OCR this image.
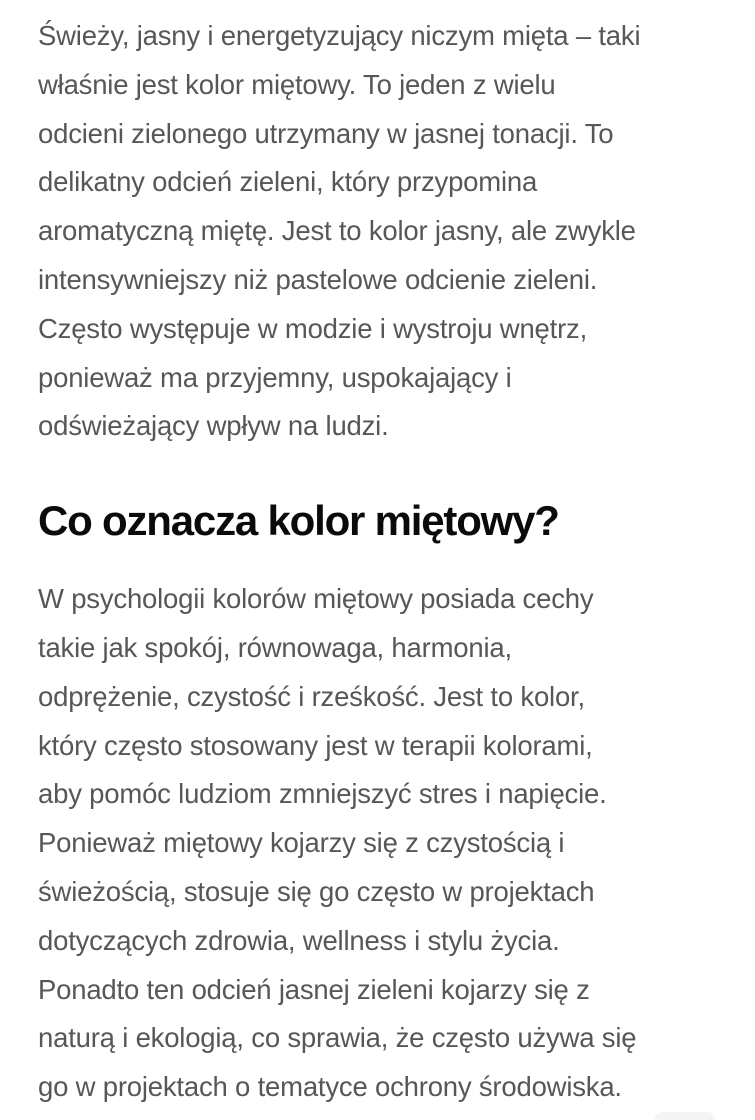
Świeży, jasny i energetyzujący niczym mięta – taki
właśnie jest kolor miętowy. To jeden z wielu
odcieni zielonego utrzymany w jasnej tonacji. To
delikatny odcień zieleni, który przypomina
aromatyczną miętę. Jest to kolor jasny, ale zwykle
intensywniejszy niż pastelowe odcienie zieleni.
Często występuje w modzie i wystroju wnętrz,
ponieważ ma przyjemny, uspokajający i
odświeżający wpływ na ludzi.

Co oznacza kolor miętowy?

W psychologii kolorów miętowy posiada cechy
takie jak spokój, równowaga, harmonia,
odprężenie, czystość i rześkość. Jest to kolor,
który często stosowany jest w terapii kolorami,
aby pomóc ludziom zmniejszyć stres i napięcie.
Ponieważ miętowy kojarzy się z czystością i
świeżością, stosuje się go często w projektach
dotyczących zdrowia, wellness i stylu życia.
Ponadto ten odcień jasnej zieleni kojarzy się z
naturą i ekologią, co sprawia, że często używa się
go w projektach o tematyce ochrony środowiska.
